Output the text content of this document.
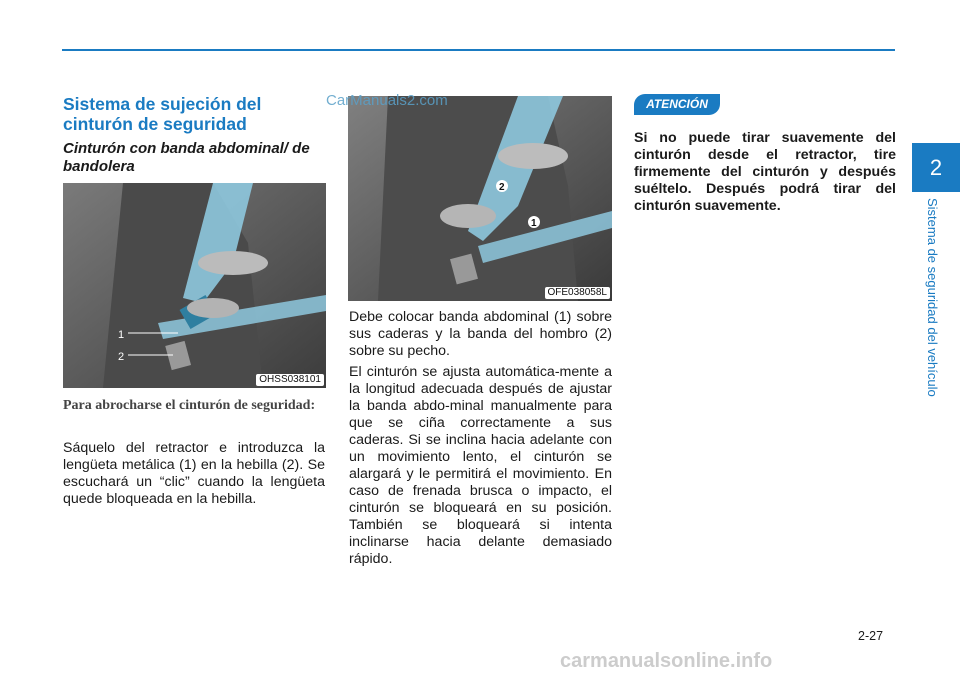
Sistema de sujeción del cinturón de seguridad
Cinturón con banda abdominal/ de bandolera
1
2
OHSS038101
1
2
OFE038058L
CarManuals2.com
Para abrocharse el cinturón de seguridad:

Sáquelo del retractor e introduzca la lengüeta metálica (1) en la hebilla (2). Se escuchará un “clic” cuando la lengüeta quede bloqueada en la hebilla.

Debe colocar banda abdominal (1) sobre sus caderas y la banda del hombro (2) sobre su pecho.

El cinturón se ajusta automática-mente a la longitud adecuada después de ajustar la banda abdo-minal manualmente para que se ciña correctamente a sus caderas. Si se inclina hacia adelante con un movimiento lento, el cinturón se alargará y le permitirá el movimiento. En caso de frenada brusca o impacto, el cinturón se bloqueará en su posición. También se bloqueará si intenta inclinarse hacia delante demasiado rápido.

ATENCIÓN

Si no puede tirar suavemente del cinturón desde el retractor, tire firmemente del cinturón y después suéltelo. Después podrá tirar del cinturón suavemente.

2
Sistema de seguridad del vehículo
2-27
carmanualsonline.info
